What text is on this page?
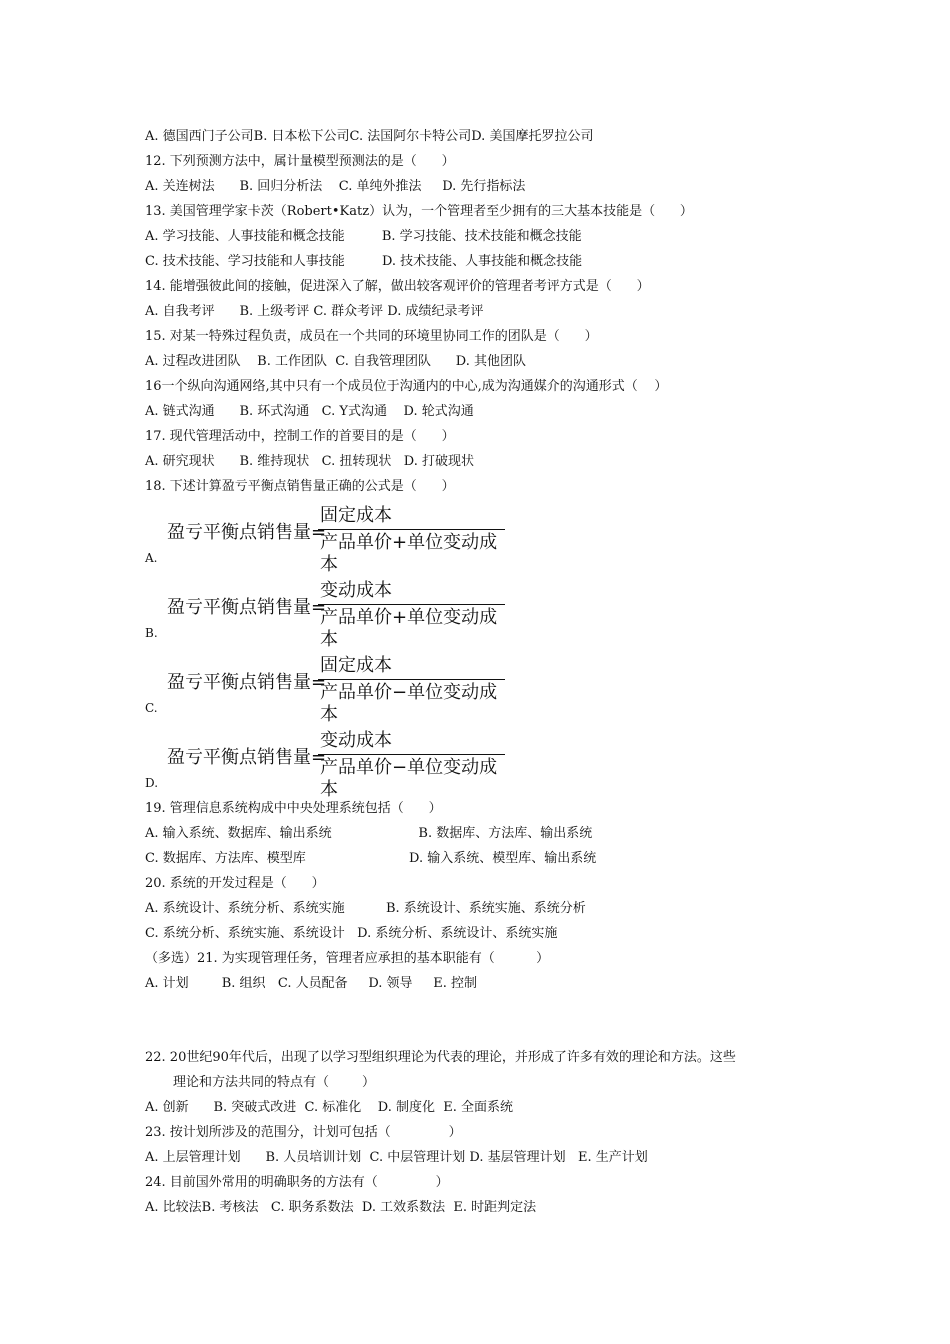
A. 德国西门子公司B. 日本松下公司C. 法国阿尔卡特公司D. 美国摩托罗拉公司
12. 下列预测方法中，属计量模型预测法的是（      ）
A. 关连树法      B. 回归分析法    C. 单纯外推法     D. 先行指标法
13. 美国管理学家卡茨（Robert•Katz）认为，一个管理者至少拥有的三大基本技能是（      ）
A. 学习技能、人事技能和概念技能         B. 学习技能、技术技能和概念技能
C. 技术技能、学习技能和人事技能         D. 技术技能、人事技能和概念技能
14. 能增强彼此间的接触，促进深入了解，做出较客观评价的管理者考评方式是（      ）
A. 自我考评      B. 上级考评 C. 群众考评 D. 成绩纪录考评
15. 对某一特殊过程负责，成员在一个共同的环境里协同工作的团队是（      ）
A. 过程改进团队    B. 工作团队  C. 自我管理团队      D. 其他团队
16一个纵向沟通网络,其中只有一个成员位于沟通内的中心,成为沟通媒介的沟通形式（    ）
A. 链式沟通      B. 环式沟通   C. Y式沟通    D. 轮式沟通
17. 现代管理活动中，控制工作的首要目的是（      ）
A. 研究现状      B. 维持现状   C. 扭转现状   D. 打破现状
18. 下述计算盈亏平衡点销售量正确的公式是（      ）
A.
盈亏平衡点销售量=
固定成本
产品单价+单位变动成本
B.
盈亏平衡点销售量=
变动成本
产品单价+单位变动成本
C.
盈亏平衡点销售量=
固定成本
产品单价−单位变动成本
D.
盈亏平衡点销售量=
变动成本
产品单价−单位变动成本
19. 管理信息系统构成中中央处理系统包括（      ）
A. 输入系统、数据库、输出系统                     B. 数据库、方法库、输出系统
C. 数据库、方法库、模型库                         D. 输入系统、模型库、输出系统
20. 系统的开发过程是（      ）
A. 系统设计、系统分析、系统实施          B. 系统设计、系统实施、系统分析
C. 系统分析、系统实施、系统设计   D. 系统分析、系统设计、系统实施
（多选）21. 为实现管理任务，管理者应承担的基本职能有（          ）
A. 计划        B. 组织   C. 人员配备     D. 领导     E. 控制
22. 20世纪90年代后，出现了以学习型组织理论为代表的理论，并形成了许多有效的理论和方法。这些
理论和方法共同的特点有（        ）
A. 创新      B. 突破式改进  C. 标准化    D. 制度化  E. 全面系统
23. 按计划所涉及的范围分，计划可包括（              ）
A. 上层管理计划      B. 人员培训计划  C. 中层管理计划 D. 基层管理计划   E. 生产计划
24. 目前国外常用的明确职务的方法有（              ）
A. 比较法B. 考核法   C. 职务系数法  D. 工效系数法  E. 时距判定法
